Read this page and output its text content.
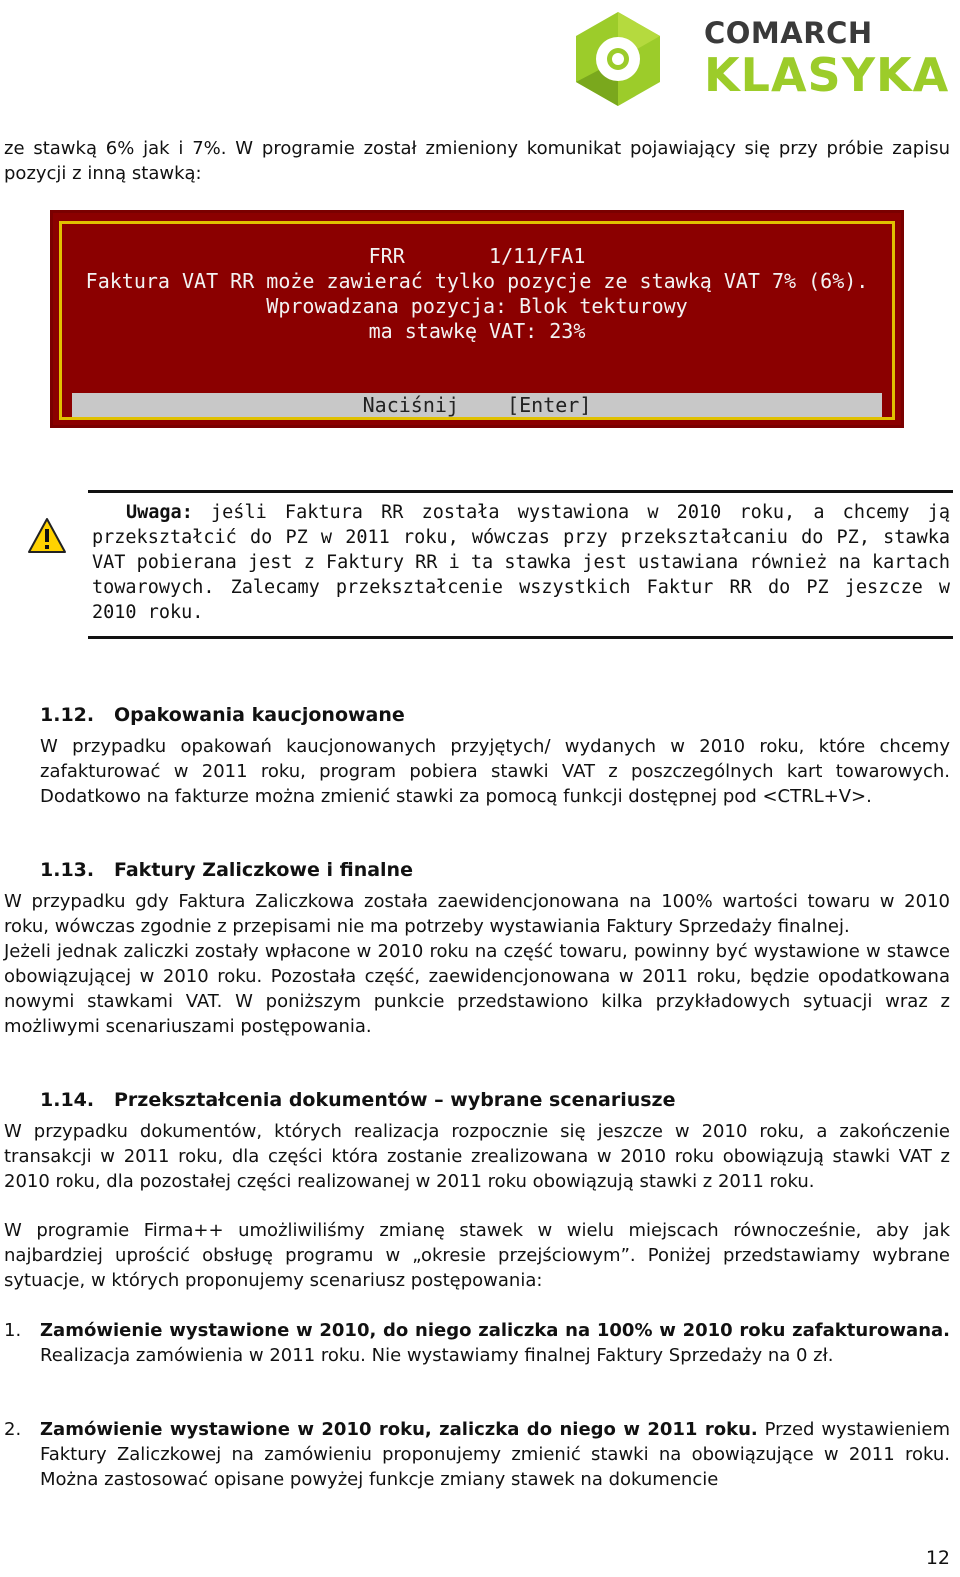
COMARCH
KLASYKA
ze stawką 6% jak i 7%. W programie został zmieniony komunikat pojawiający się przy próbie zapisu pozycji z inną stawką:
FRR       1/11/FA1
Faktura VAT RR może zawierać tylko pozycje ze stawką VAT 7% (6%).
Wprowadzana pozycja: Blok tekturowy
ma stawkę VAT: 23%
Naciśnij    [Enter]
Uwaga: jeśli Faktura RR została wystawiona w 2010 roku, a chcemy ją przekształcić do PZ w 2011 roku, wówczas przy przekształcaniu do PZ, stawka VAT pobierana jest z Faktury RR i ta stawka jest ustawiana również na kartach towarowych. Zalecamy przekształcenie wszystkich Faktur RR do PZ jeszcze w 2010 roku.
1.12. Opakowania kaucjonowane
W przypadku opakowań kaucjonowanych przyjętych/ wydanych w 2010 roku, które chcemy zafakturować w 2011 roku, program pobiera stawki VAT z poszczególnych kart towarowych. Dodatkowo na fakturze można zmienić stawki za pomocą funkcji dostępnej pod <CTRL+V>.
1.13. Faktury Zaliczkowe i finalne
W przypadku gdy Faktura Zaliczkowa została zaewidencjonowana na 100% wartości towaru w 2010 roku, wówczas zgodnie z przepisami nie ma potrzeby wystawiania Faktury Sprzedaży finalnej.
Jeżeli jednak zaliczki zostały wpłacone w 2010 roku na część towaru, powinny być wystawione w stawce obowiązującej w 2010 roku. Pozostała część, zaewidencjonowana w 2011 roku, będzie opodatkowana nowymi stawkami VAT. W poniższym punkcie przedstawiono kilka przykładowych sytuacji wraz z możliwymi scenariuszami postępowania.
1.14. Przekształcenia dokumentów – wybrane scenariusze
W przypadku dokumentów, których realizacja rozpocznie się jeszcze w 2010 roku, a zakończenie transakcji w 2011 roku, dla części która zostanie zrealizowana w 2010 roku obowiązują stawki VAT z 2010 roku, dla pozostałej części realizowanej w 2011 roku obowiązują stawki z 2011 roku.
W programie Firma++ umożliwiliśmy zmianę stawek w wielu miejscach równocześnie, aby jak najbardziej uprościć obsługę programu w „okresie przejściowym”. Poniżej przedstawiamy wybrane sytuacje, w których proponujemy scenariusz postępowania:
1. Zamówienie wystawione w 2010, do niego zaliczka na 100% w 2010 roku zafakturowana. Realizacja zamówienia w 2011 roku. Nie wystawiamy finalnej Faktury Sprzedaży na 0 zł.
2. Zamówienie wystawione w 2010 roku, zaliczka do niego w 2011 roku. Przed wystawieniem Faktury Zaliczkowej na zamówieniu proponujemy zmienić stawki na obowiązujące w 2011 roku. Można zastosować opisane powyżej funkcje zmiany stawek na dokumencie
12
